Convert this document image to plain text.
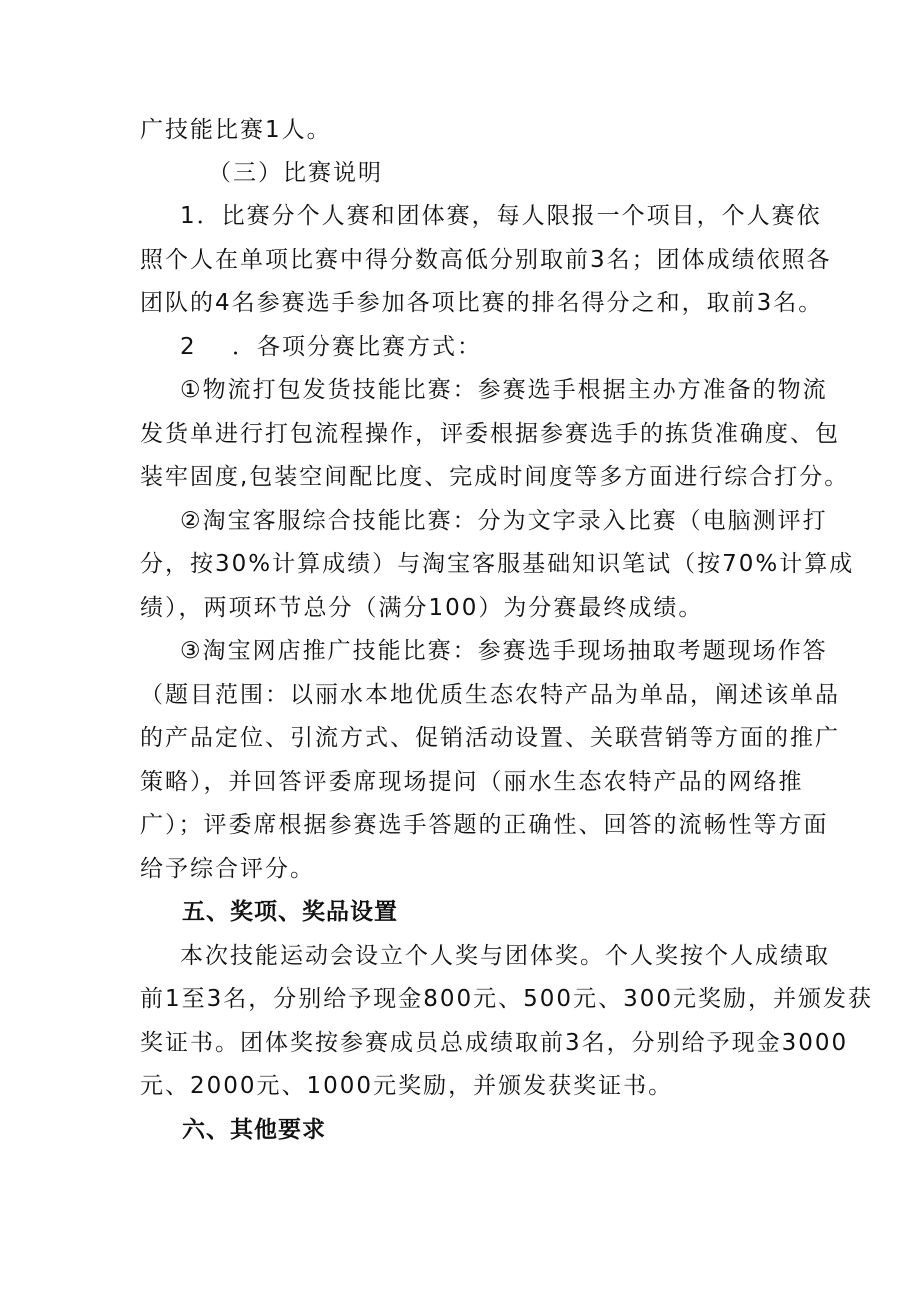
广技能比赛1人。
（三）比赛说明
1．比赛分个人赛和团体赛，每人限报一个项目，个人赛依
照个人在单项比赛中得分数高低分别取前3名；团体成绩依照各
团队的4名参赛选手参加各项比赛的排名得分之和，取前3名。
2 ．各项分赛比赛方式：
①物流打包发货技能比赛：参赛选手根据主办方准备的物流
发货单进行打包流程操作，评委根据参赛选手的拣货准确度、包
装牢固度,包装空间配比度、完成时间度等多方面进行综合打分。
②淘宝客服综合技能比赛：分为文字录入比赛（电脑测评打
分，按30%计算成绩）与淘宝客服基础知识笔试（按70%计算成
绩），两项环节总分（满分100）为分赛最终成绩。
③淘宝网店推广技能比赛：参赛选手现场抽取考题现场作答
（题目范围：以丽水本地优质生态农特产品为单品，阐述该单品
的产品定位、引流方式、促销活动设置、关联营销等方面的推广
策略），并回答评委席现场提问（丽水生态农特产品的网络推
广）；评委席根据参赛选手答题的正确性、回答的流畅性等方面
给予综合评分。
五、奖项、奖品设置
本次技能运动会设立个人奖与团体奖。个人奖按个人成绩取
前1至3名，分别给予现金800元、500元、300元奖励，并颁发获
奖证书。团体奖按参赛成员总成绩取前3名，分别给予现金3000
元、2000元、1000元奖励，并颁发获奖证书。
六、其他要求
